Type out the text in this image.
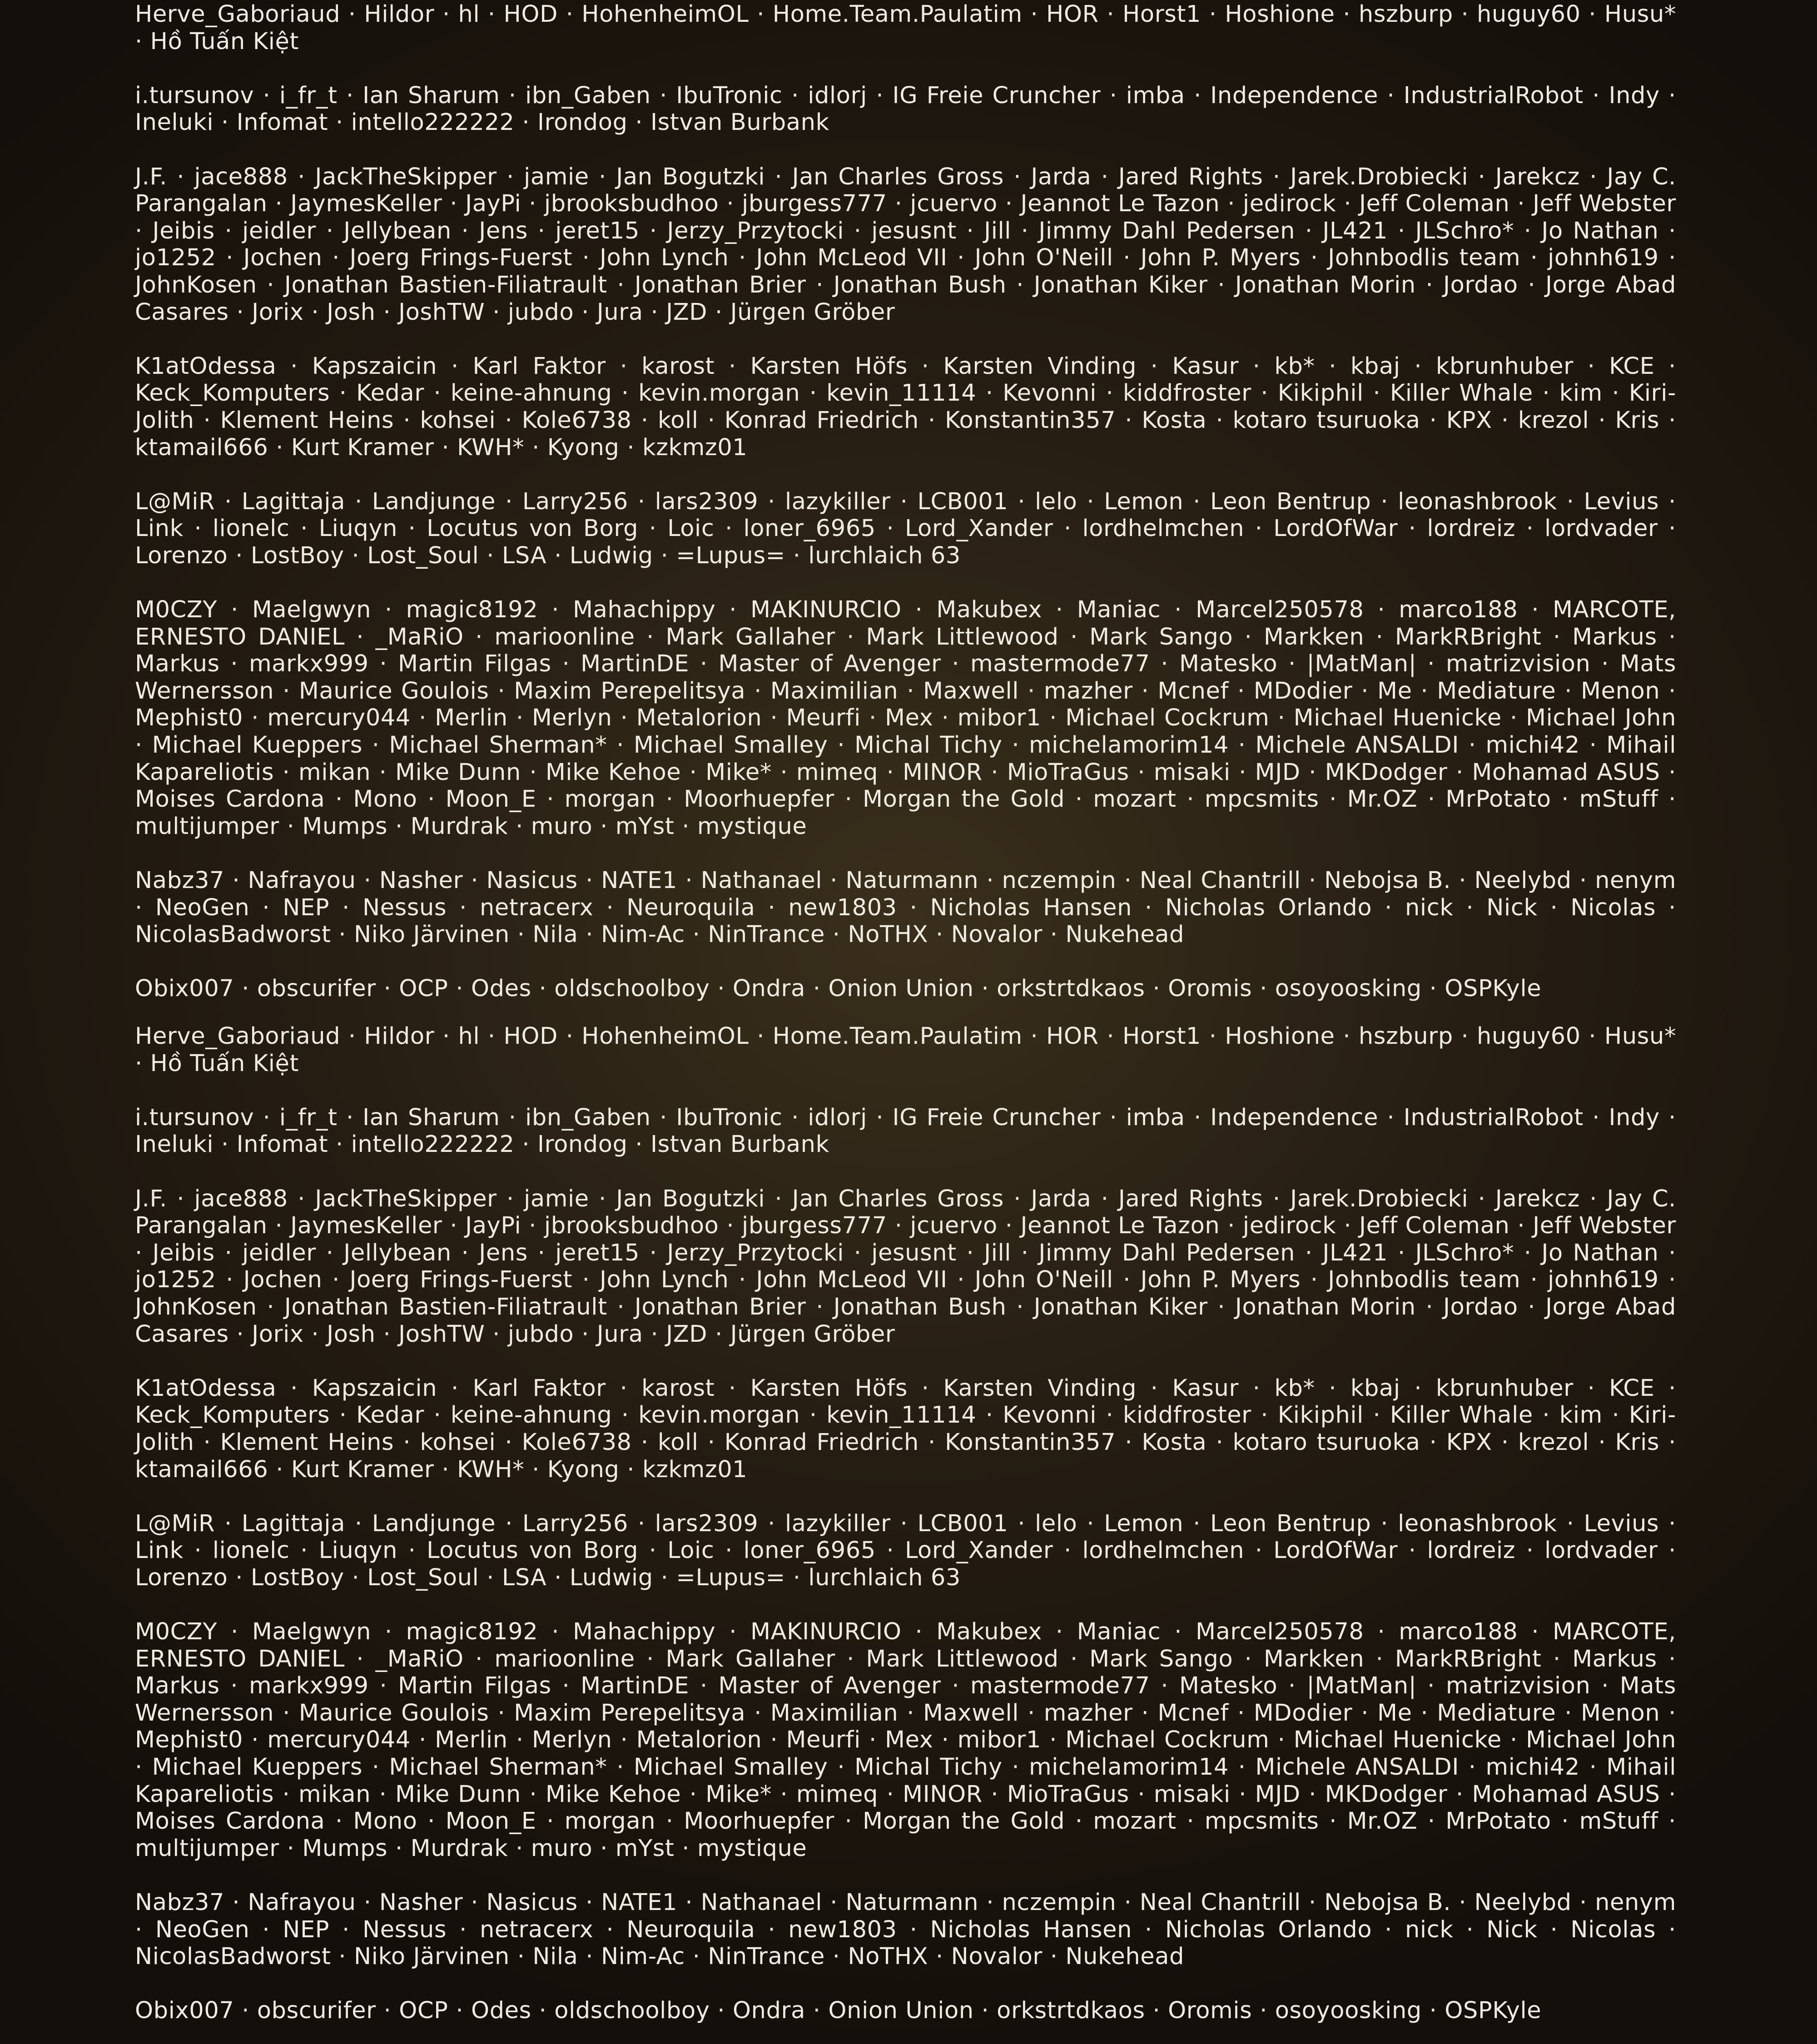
Herve_Gaboriaud · Hildor · hl · HOD · HohenheimOL · Home.Team.Paulatim · HOR · Horst1 · Hoshione · hszburp · huguy60 · Husu* · Hồ Tuấn Kiệt

i.tursunov · i_fr_t · Ian Sharum · ibn_Gaben · IbuTronic · idlorj · IG Freie Cruncher · imba · Independence · IndustrialRobot · Indy · Ineluki · Infomat · intello222222 · Irondog · Istvan Burbank

J.F. · jace888 · JackTheSkipper · jamie · Jan Bogutzki · Jan Charles Gross · Jarda · Jared Rights · Jarek.Drobiecki · Jarekcz · Jay C. Parangalan · JaymesKeller · JayPi · jbrooksbudhoo · jburgess777 · jcuervo · Jeannot Le Tazon · jedirock · Jeff Coleman · Jeff Webster · Jeibis · jeidler · Jellybean · Jens · jeret15 · Jerzy_Przytocki · jesusnt · Jill · Jimmy Dahl Pedersen · JL421 · JLSchro* · Jo Nathan · jo1252 · Jochen · Joerg Frings-Fuerst · John Lynch · John McLeod VII · John O'Neill · John P. Myers · Johnbodlis team · johnh619 · JohnKosen · Jonathan Bastien-Filiatrault · Jonathan Brier · Jonathan Bush · Jonathan Kiker · Jonathan Morin · Jordao · Jorge Abad Casares · Jorix · Josh · JoshTW · jubdo · Jura · JZD · Jürgen Gröber

K1atOdessa · Kapszaicin · Karl Faktor · karost · Karsten Höfs · Karsten Vinding · Kasur · kb* · kbaj · kbrunhuber · KCE · Keck_Komputers · Kedar · keine-ahnung · kevin.morgan · kevin_11114 · Kevonni · kiddfroster · Kikiphil · Killer Whale · kim · Kiri-Jolith · Klement Heins · kohsei · Kole6738 · koll · Konrad Friedrich · Konstantin357 · Kosta · kotaro tsuruoka · KPX · krezol · Kris · ktamail666 · Kurt Kramer · KWH* · Kyong · kzkmz01

L@MiR · Lagittaja · Landjunge · Larry256 · lars2309 · lazykiller · LCB001 · lelo · Lemon · Leon Bentrup · leonashbrook · Levius · Link · lionelc · Liuqyn · Locutus von Borg · Loic · loner_6965 · Lord_Xander · lordhelmchen · LordOfWar · lordreiz · lordvader · Lorenzo · LostBoy · Lost_Soul · LSA · Ludwig · =Lupus= · lurchlaich 63

M0CZY · Maelgwyn · magic8192 · Mahachippy · MAKINURCIO · Makubex · Maniac · Marcel250578 · marco188 · MARCOTE, ERNESTO DANIEL · _MaRiO · marioonline · Mark Gallaher · Mark Littlewood · Mark Sango · Markken · MarkRBright · Markus · Markus · markx999 · Martin Filgas · MartinDE · Master of Avenger · mastermode77 · Matesko · |MatMan| · matrizvision · Mats Wernersson · Maurice Goulois · Maxim Perepelitsya · Maximilian · Maxwell · mazher · Mcnef · MDodier · Me · Mediature · Menon · Mephist0 · mercury044 · Merlin · Merlyn · Metalorion · Meurfi · Mex · mibor1 · Michael Cockrum · Michael Huenicke · Michael John · Michael Kueppers · Michael Sherman* · Michael Smalley · Michal Tichy · michelamorim14 · Michele ANSALDI · michi42 · Mihail Kapareliotis · mikan · Mike Dunn · Mike Kehoe · Mike* · mimeq · MINOR · MioTraGus · misaki · MJD · MKDodger · Mohamad ASUS · Moises Cardona · Mono · Moon_E · morgan · Moorhuepfer · Morgan the Gold · mozart · mpcsmits · Mr.OZ · MrPotato · mStuff · multijumper · Mumps · Murdrak · muro · mYst · mystique

Nabz37 · Nafrayou · Nasher · Nasicus · NATE1 · Nathanael · Naturmann · nczempin · Neal Chantrill · Nebojsa B. · Neelybd · nenym · NeoGen · NEP · Nessus · netracerx · Neuroquila · new1803 · Nicholas Hansen · Nicholas Orlando · nick · Nick · Nicolas · NicolasBadworst · Niko Järvinen · Nila · Nim-Ac · NinTrance · NoTHX · Novalor · Nukehead

Obix007 · obscurifer · OCP · Odes · oldschoolboy · Ondra · Onion Union · orkstrtdkaos · Oromis · osoyoosking · OSPKyle

Herve_Gaboriaud · Hildor · hl · HOD · HohenheimOL · Home.Team.Paulatim · HOR · Horst1 · Hoshione · hszburp · huguy60 · Husu* · Hồ Tuấn Kiệt

i.tursunov · i_fr_t · Ian Sharum · ibn_Gaben · IbuTronic · idlorj · IG Freie Cruncher · imba · Independence · IndustrialRobot · Indy · Ineluki · Infomat · intello222222 · Irondog · Istvan Burbank

J.F. · jace888 · JackTheSkipper · jamie · Jan Bogutzki · Jan Charles Gross · Jarda · Jared Rights · Jarek.Drobiecki · Jarekcz · Jay C. Parangalan · JaymesKeller · JayPi · jbrooksbudhoo · jburgess777 · jcuervo · Jeannot Le Tazon · jedirock · Jeff Coleman · Jeff Webster · Jeibis · jeidler · Jellybean · Jens · jeret15 · Jerzy_Przytocki · jesusnt · Jill · Jimmy Dahl Pedersen · JL421 · JLSchro* · Jo Nathan · jo1252 · Jochen · Joerg Frings-Fuerst · John Lynch · John McLeod VII · John O'Neill · John P. Myers · Johnbodlis team · johnh619 · JohnKosen · Jonathan Bastien-Filiatrault · Jonathan Brier · Jonathan Bush · Jonathan Kiker · Jonathan Morin · Jordao · Jorge Abad Casares · Jorix · Josh · JoshTW · jubdo · Jura · JZD · Jürgen Gröber

K1atOdessa · Kapszaicin · Karl Faktor · karost · Karsten Höfs · Karsten Vinding · Kasur · kb* · kbaj · kbrunhuber · KCE · Keck_Komputers · Kedar · keine-ahnung · kevin.morgan · kevin_11114 · Kevonni · kiddfroster · Kikiphil · Killer Whale · kim · Kiri-Jolith · Klement Heins · kohsei · Kole6738 · koll · Konrad Friedrich · Konstantin357 · Kosta · kotaro tsuruoka · KPX · krezol · Kris · ktamail666 · Kurt Kramer · KWH* · Kyong · kzkmz01

L@MiR · Lagittaja · Landjunge · Larry256 · lars2309 · lazykiller · LCB001 · lelo · Lemon · Leon Bentrup · leonashbrook · Levius · Link · lionelc · Liuqyn · Locutus von Borg · Loic · loner_6965 · Lord_Xander · lordhelmchen · LordOfWar · lordreiz · lordvader · Lorenzo · LostBoy · Lost_Soul · LSA · Ludwig · =Lupus= · lurchlaich 63

M0CZY · Maelgwyn · magic8192 · Mahachippy · MAKINURCIO · Makubex · Maniac · Marcel250578 · marco188 · MARCOTE, ERNESTO DANIEL · _MaRiO · marioonline · Mark Gallaher · Mark Littlewood · Mark Sango · Markken · MarkRBright · Markus · Markus · markx999 · Martin Filgas · MartinDE · Master of Avenger · mastermode77 · Matesko · |MatMan| · matrizvision · Mats Wernersson · Maurice Goulois · Maxim Perepelitsya · Maximilian · Maxwell · mazher · Mcnef · MDodier · Me · Mediature · Menon · Mephist0 · mercury044 · Merlin · Merlyn · Metalorion · Meurfi · Mex · mibor1 · Michael Cockrum · Michael Huenicke · Michael John · Michael Kueppers · Michael Sherman* · Michael Smalley · Michal Tichy · michelamorim14 · Michele ANSALDI · michi42 · Mihail Kapareliotis · mikan · Mike Dunn · Mike Kehoe · Mike* · mimeq · MINOR · MioTraGus · misaki · MJD · MKDodger · Mohamad ASUS · Moises Cardona · Mono · Moon_E · morgan · Moorhuepfer · Morgan the Gold · mozart · mpcsmits · Mr.OZ · MrPotato · mStuff · multijumper · Mumps · Murdrak · muro · mYst · mystique

Nabz37 · Nafrayou · Nasher · Nasicus · NATE1 · Nathanael · Naturmann · nczempin · Neal Chantrill · Nebojsa B. · Neelybd · nenym · NeoGen · NEP · Nessus · netracerx · Neuroquila · new1803 · Nicholas Hansen · Nicholas Orlando · nick · Nick · Nicolas · NicolasBadworst · Niko Järvinen · Nila · Nim-Ac · NinTrance · NoTHX · Novalor · Nukehead

Obix007 · obscurifer · OCP · Odes · oldschoolboy · Ondra · Onion Union · orkstrtdkaos · Oromis · osoyoosking · OSPKyle
